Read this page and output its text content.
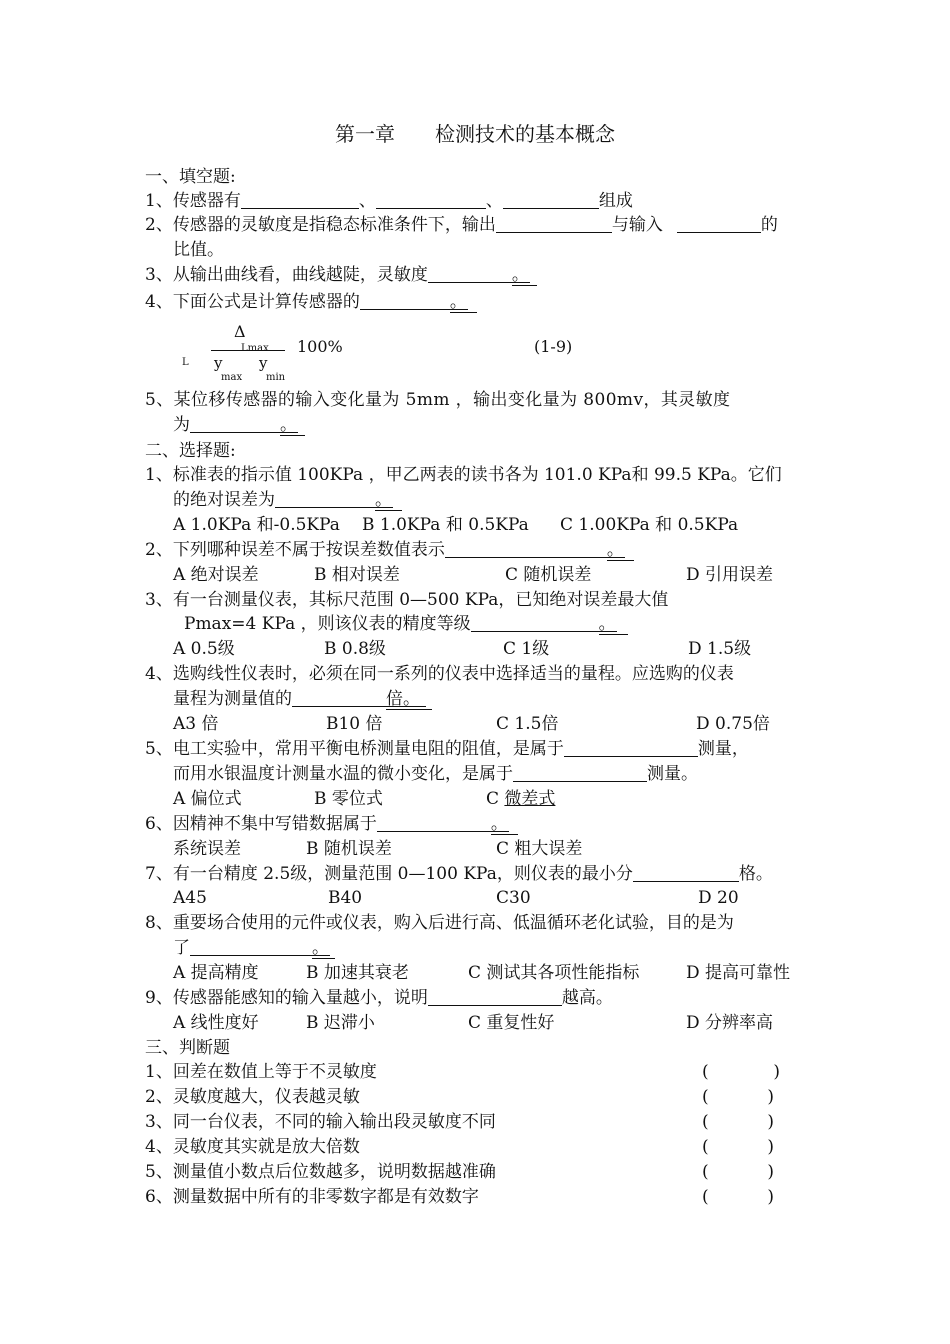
第一章 检测技术的基本概念
一、填空题:
1、传感器有	、	、	组成
2、传感器的灵敏度是指稳态标准条件下，输出	与输入	的
比值。
3、从输出曲线看，曲线越陡，灵敏度	。
4、下面公式是计算传感器的	。
Δ
Lmax
L y y
max min
100%	(1-9)
5、某位移传感器的输入变化量为 5mm ，输出变化量为 800mv，其灵敏度
为	。
二、选择题:
1、标准表的指示值 100KPa ，甲乙两表的读书各为 101.0 KPa和 99.5 KPa。它们
的绝对误差为	。
A 1.0KPa 和-0.5KPa B 1.0KPa 和 0.5KPa C 1.00KPa 和 0.5KPa
2、下列哪种误差不属于按误差数值表示	。
A 绝对误差	B 相对误差	C 随机误差	D 引用误差
3、有一台测量仪表，其标尺范围 0—500 KPa，已知绝对误差最大值
Pmax=4 KPa ，则该仪表的精度等级	。
A 0.5级	B 0.8级	C 1级	D 1.5级
4、选购线性仪表时，必须在同一系列的仪表中选择适当的量程。应选购的仪表
量程为测量值的	倍。
A3 倍	B10 倍	C 1.5倍	D 0.75倍
5、电工实验中，常用平衡电桥测量电阻的阻值，是属于	测量，
而用水银温度计测量水温的微小变化，是属于	测量。
A 偏位式	B 零位式	C 微差式
6、因精神不集中写错数据属于	。
系统误差	B 随机误差	C 粗大误差
7、有一台精度 2.5级，测量范围 0—100 KPa，则仪表的最小分	格。
A45	B40	C30	D 20
8、重要场合使用的元件或仪表，购入后进行高、低温循环老化试验，目的是为
了	。
A 提高精度	B 加速其衰老	C 测试其各项性能指标	D 提高可靠性
9、传感器能感知的输入量越小，说明	越高。
A 线性度好	B 迟滞小	C 重复性好	D 分辨率高
三、判断题
1、回差在数值上等于不灵敏度	(	)
2、灵敏度越大，仪表越灵敏	(	)
3、同一台仪表，不同的输入输出段灵敏度不同	(	)
4、灵敏度其实就是放大倍数	(	)
5、测量值小数点后位数越多，说明数据越准确	(	)
6、测量数据中所有的非零数字都是有效数字	(	)
